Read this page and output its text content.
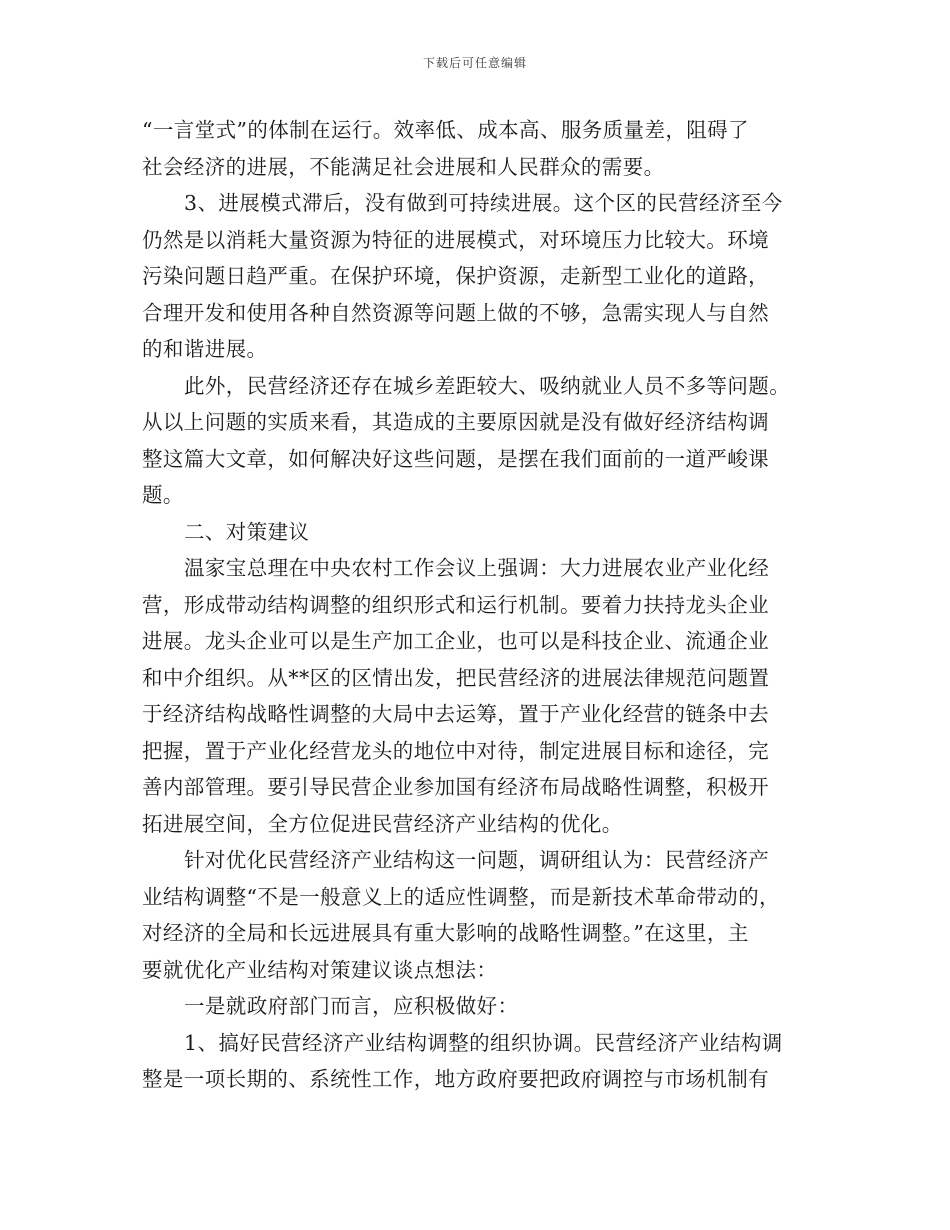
下载后可任意编辑
“一言堂式”的体制在运行。效率低、成本高、服务质量差，阻碍了
社会经济的进展，不能满足社会进展和人民群众的需要。
3、进展模式滞后，没有做到可持续进展。这个区的民营经济至今
仍然是以消耗大量资源为特征的进展模式，对环境压力比较大。环境
污染问题日趋严重。在保护环境，保护资源，走新型工业化的道路，
合理开发和使用各种自然资源等问题上做的不够，急需实现人与自然
的和谐进展。
此外，民营经济还存在城乡差距较大、吸纳就业人员不多等问题。
从以上问题的实质来看，其造成的主要原因就是没有做好经济结构调
整这篇大文章，如何解决好这些问题，是摆在我们面前的一道严峻课
题。
二、对策建议
温家宝总理在中央农村工作会议上强调：大力进展农业产业化经
营，形成带动结构调整的组织形式和运行机制。要着力扶持龙头企业
进展。龙头企业可以是生产加工企业，也可以是科技企业、流通企业
和中介组织。从**区的区情出发，把民营经济的进展法律规范问题置
于经济结构战略性调整的大局中去运筹，置于产业化经营的链条中去
把握，置于产业化经营龙头的地位中对待，制定进展目标和途径，完
善内部管理。要引导民营企业参加国有经济布局战略性调整，积极开
拓进展空间，全方位促进民营经济产业结构的优化。
针对优化民营经济产业结构这一问题，调研组认为：民营经济产
业结构调整“不是一般意义上的适应性调整，而是新技术革命带动的，
对经济的全局和长远进展具有重大影响的战略性调整。”在这里，主
要就优化产业结构对策建议谈点想法：
一是就政府部门而言，应积极做好：
1、搞好民营经济产业结构调整的组织协调。民营经济产业结构调
整是一项长期的、系统性工作，地方政府要把政府调控与市场机制有
